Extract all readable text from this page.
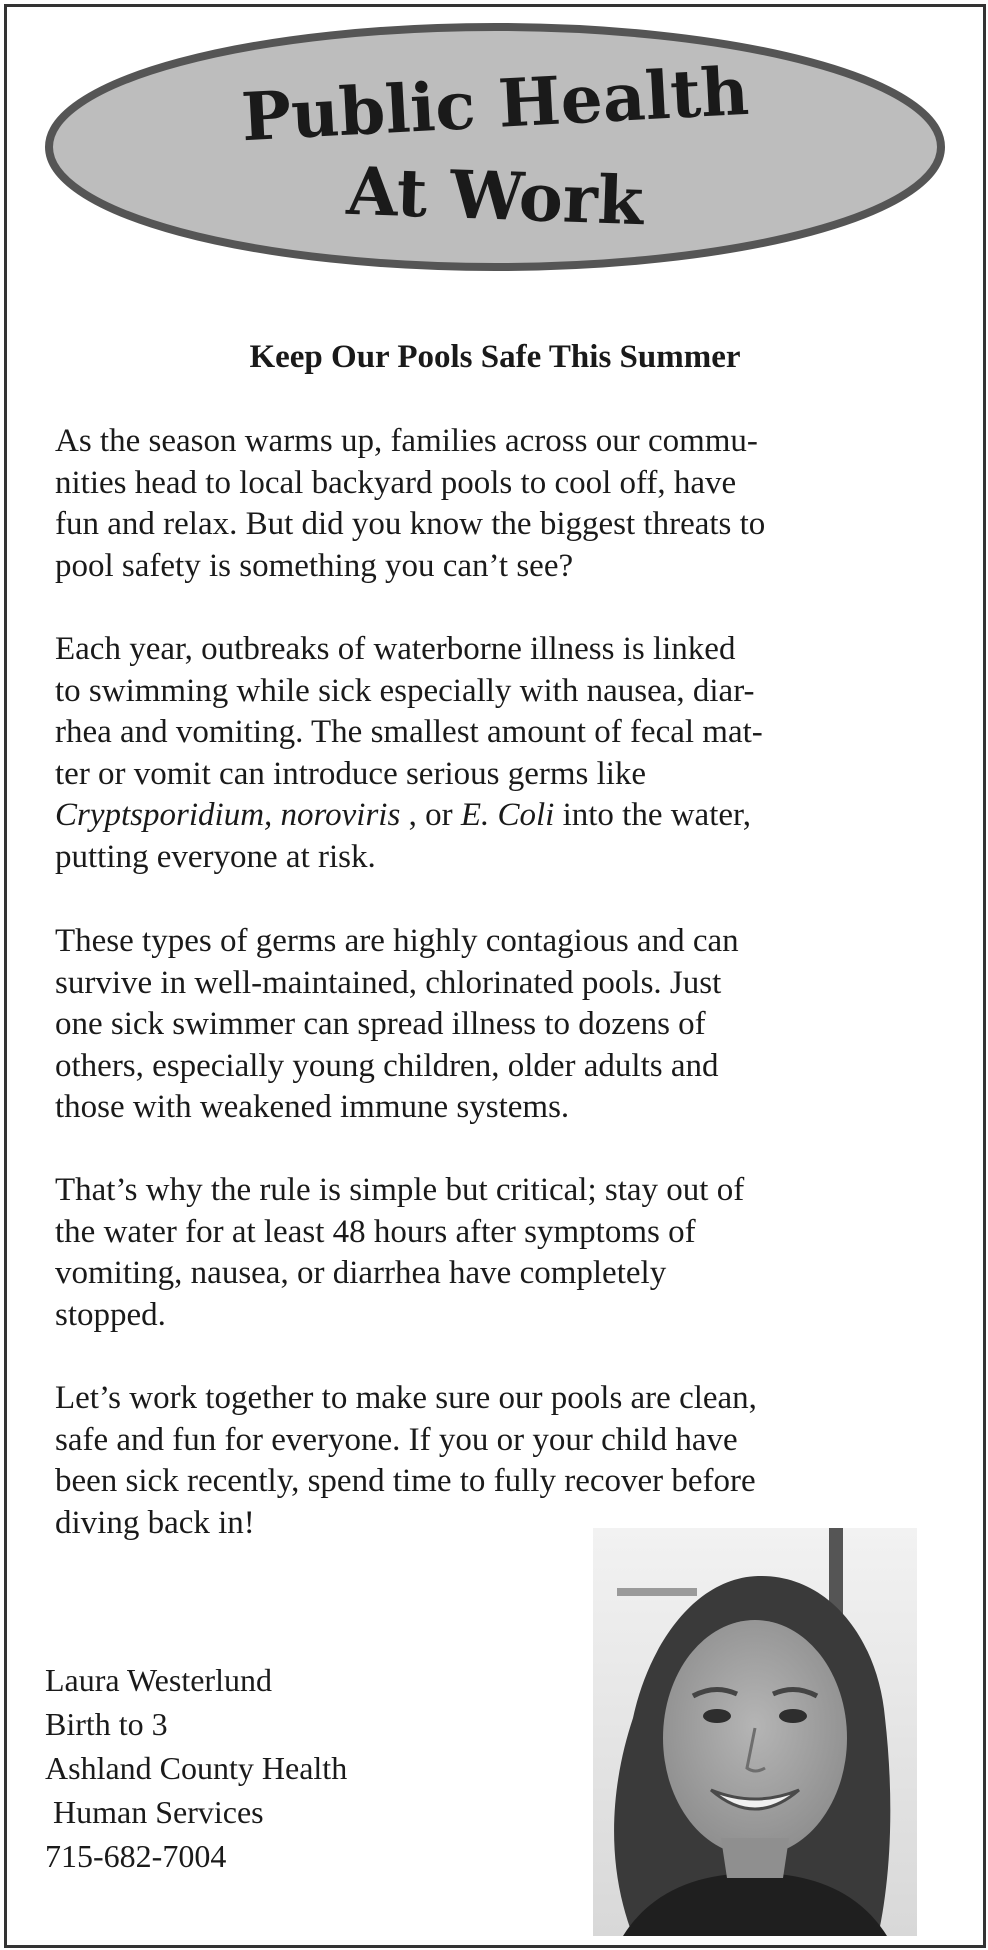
Public Health
At Work
Keep Our Pools Safe This Summer

As the season warms up, families across our commu-
nities head to local backyard pools to cool off, have
fun and relax. But did you know the biggest threats to
pool safety is something you can’t see?

Each year, outbreaks of waterborne illness is linked
to swimming while sick especially with nausea, diar-
rhea and vomiting. The smallest amount of fecal mat-
ter or vomit can introduce serious germs like
Cryptsporidium, noroviris , or E. Coli into the water,
putting everyone at risk.

These types of germs are highly contagious and can
survive in well-maintained, chlorinated pools. Just
one sick swimmer can spread illness to dozens of
others, especially young children, older adults and
those with weakened immune systems.

That’s why the rule is simple but critical; stay out of
the water for at least 48 hours after symptoms of
vomiting, nausea, or diarrhea have completely
stopped.

Let’s work together to make sure our pools are clean,
safe and fun for everyone. If you or your child have
been sick recently, spend time to fully recover before
diving back in!

Laura Westerlund
Birth to 3
Ashland County Health
Human Services
715-682-7004
